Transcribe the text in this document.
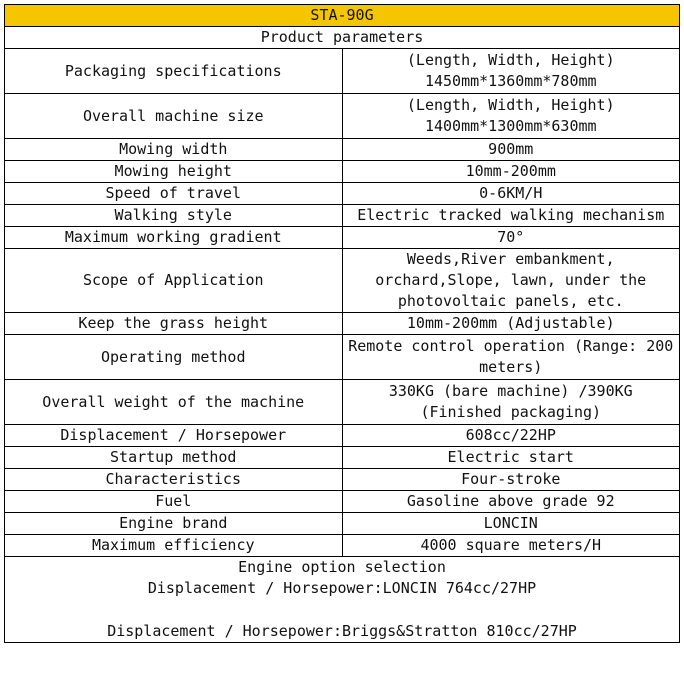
STA-90G	
Product parameters	
Packaging specifications	(Length, Width, Height) 1450mm*1360mm*780mm
Overall machine size	(Length, Width, Height) 1400mm*1300mm*630mm
Mowing width	900mm
Mowing height	10mm-200mm
Speed of travel	0-6KM/H
Walking style	Electric tracked walking mechanism
Maximum working gradient	70°
Scope of Application	Weeds,River embankment, orchard,Slope, lawn, under the photovoltaic panels, etc.
Keep the grass height	10mm-200mm (Adjustable)
Operating method	Remote control operation (Range: 200 meters)
Overall weight of the machine	330KG (bare machine) /390KG (Finished packaging)
Displacement / Horsepower	608cc/22HP
Startup method	Electric start
Characteristics	Four-stroke
Fuel	Gasoline above grade 92
Engine brand	LONCIN
Maximum efficiency	4000 square meters/H

Engine option selection
Displacement / Horsepower:LONCIN 764cc/27HP
Displacement / Horsepower:Briggs&Stratton 810cc/27HP	
